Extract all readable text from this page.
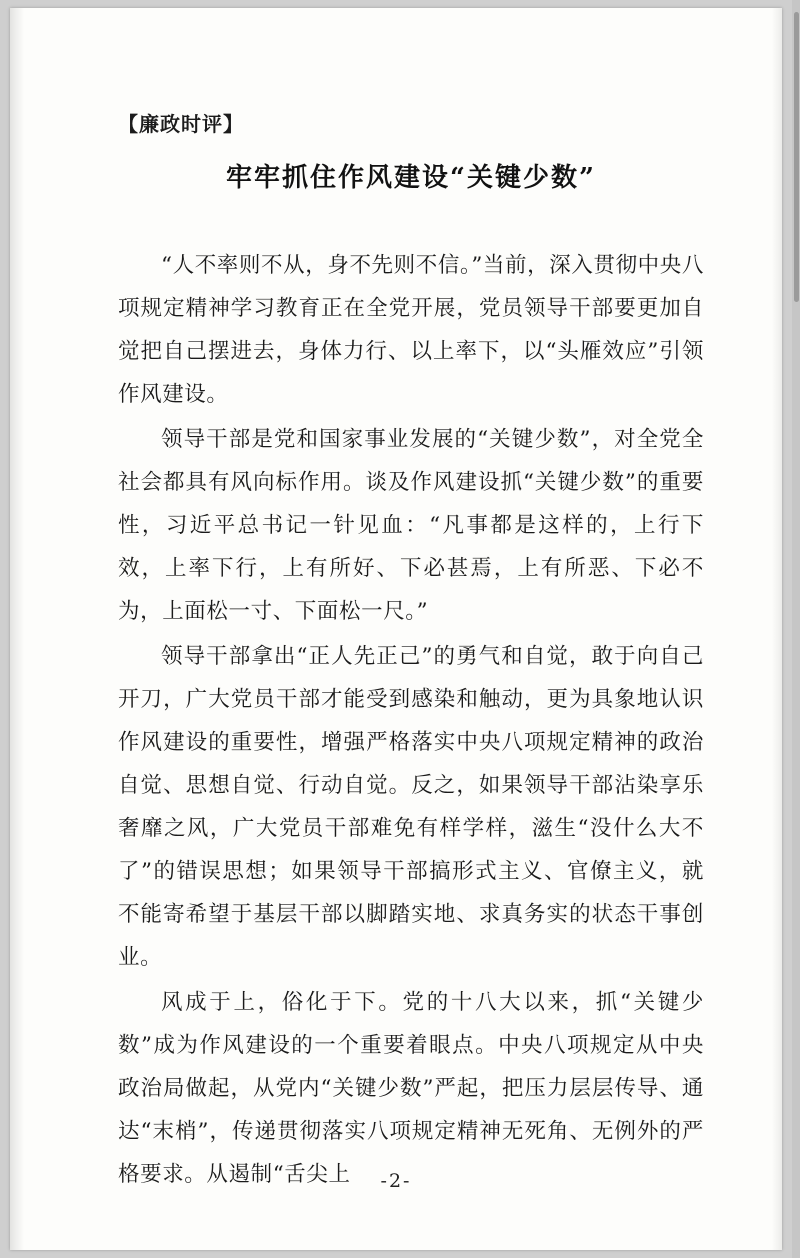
【廉政时评】

牢牢抓住作风建设“关键少数”

“人不率则不从，身不先则不信。”当前，深入贯彻中央八项规定精神学习教育正在全党开展，党员领导干部要更加自觉把自己摆进去，身体力行、以上率下，以“头雁效应”引领作风建设。

领导干部是党和国家事业发展的“关键少数”，对全党全社会都具有风向标作用。谈及作风建设抓“关键少数”的重要性，习近平总书记一针见血：“凡事都是这样的，上行下效，上率下行，上有所好、下必甚焉，上有所恶、下必不为，上面松一寸、下面松一尺。”

领导干部拿出“正人先正己”的勇气和自觉，敢于向自己开刀，广大党员干部才能受到感染和触动，更为具象地认识作风建设的重要性，增强严格落实中央八项规定精神的政治自觉、思想自觉、行动自觉。反之，如果领导干部沾染享乐奢靡之风，广大党员干部难免有样学样，滋生“没什么大不了”的错误思想；如果领导干部搞形式主义、官僚主义，就不能寄希望于基层干部以脚踏实地、求真务实的状态干事创业。

风成于上，俗化于下。党的十八大以来，抓“关键少数”成为作风建设的一个重要着眼点。中央八项规定从中央政治局做起，从党内“关键少数”严起，把压力层层传导、通达“末梢”，传递贯彻落实八项规定精神无死角、无例外的严格要求。从遏制“舌尖上	-2-
